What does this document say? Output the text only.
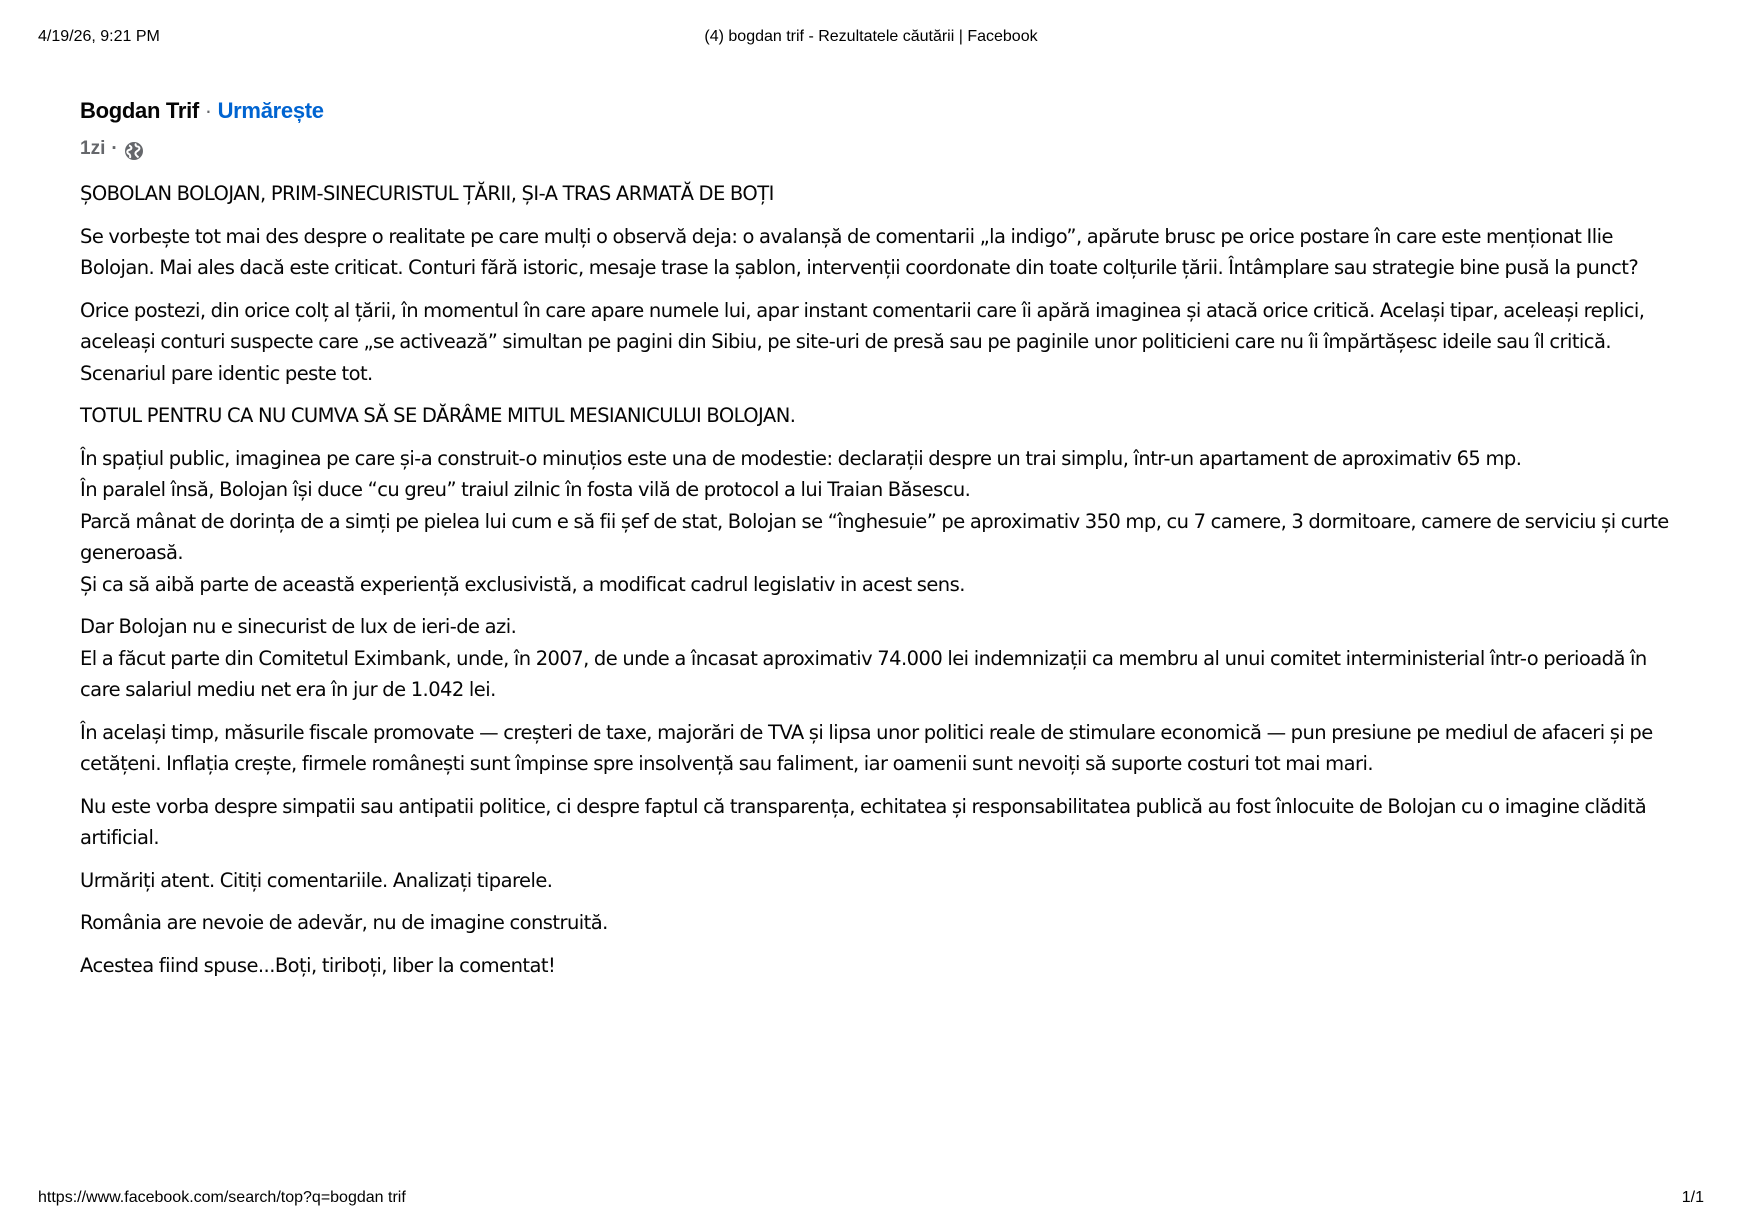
4/19/26, 9:21 PM	(4) bogdan trif - Rezultatele căutării | Facebook
Bogdan Trif · Urmărește
1zi ·

ȘOBOLAN BOLOJAN, PRIM-SINECURISTUL ȚĂRII, ȘI-A TRAS ARMATĂ DE BOȚI

Se vorbește tot mai des despre o realitate pe care mulți o observă deja: o avalanșă de comentarii „la indigo”, apărute brusc pe orice postare în care este menționat Ilie Bolojan. Mai ales dacă este criticat. Conturi fără istoric, mesaje trase la șablon, intervenții coordonate din toate colțurile țării. Întâmplare sau strategie bine pusă la punct?

Orice postezi, din orice colț al țării, în momentul în care apare numele lui, apar instant comentarii care îi apără imaginea și atacă orice critică. Același tipar, aceleași replici, aceleași conturi suspecte care „se activează” simultan pe pagini din Sibiu, pe site-uri de presă sau pe paginile unor politicieni care nu îi împărtășesc ideile sau îl critică. Scenariul pare identic peste tot.

TOTUL PENTRU CA NU CUMVA SĂ SE DĂRÂME MITUL MESIANICULUI BOLOJAN.

În spațiul public, imaginea pe care și-a construit-o minuțios este una de modestie: declarații despre un trai simplu, într-un apartament de aproximativ 65 mp.
În paralel însă, Bolojan își duce “cu greu” traiul zilnic în fosta vilă de protocol a lui Traian Băsescu.
Parcă mânat de dorința de a simți pe pielea lui cum e să fii șef de stat, Bolojan se “înghesuie” pe aproximativ 350 mp, cu 7 camere, 3 dormitoare, camere de serviciu și curte generoasă.
Și ca să aibă parte de această experiență exclusivistă, a modificat cadrul legislativ in acest sens.

Dar Bolojan nu e sinecurist de lux de ieri-de azi.
El a făcut parte din Comitetul Eximbank, unde, în 2007, de unde a încasat aproximativ 74.000 lei indemnizații ca membru al unui comitet interministerial într-o perioadă în care salariul mediu net era în jur de 1.042 lei.

În același timp, măsurile fiscale promovate — creșteri de taxe, majorări de TVA și lipsa unor politici reale de stimulare economică — pun presiune pe mediul de afaceri și pe cetățeni. Inflația crește, firmele românești sunt împinse spre insolvență sau faliment, iar oamenii sunt nevoiți să suporte costuri tot mai mari.

Nu este vorba despre simpatii sau antipatii politice, ci despre faptul că transparența, echitatea și responsabilitatea publică au fost înlocuite de Bolojan cu o imagine clădită artificial.

Urmăriți atent. Citiți comentariile. Analizați tiparele.

România are nevoie de adevăr, nu de imagine construită.

Acestea fiind spuse...Boți, tiriboți, liber la comentat!

https://www.facebook.com/search/top?q=bogdan trif	1/1
